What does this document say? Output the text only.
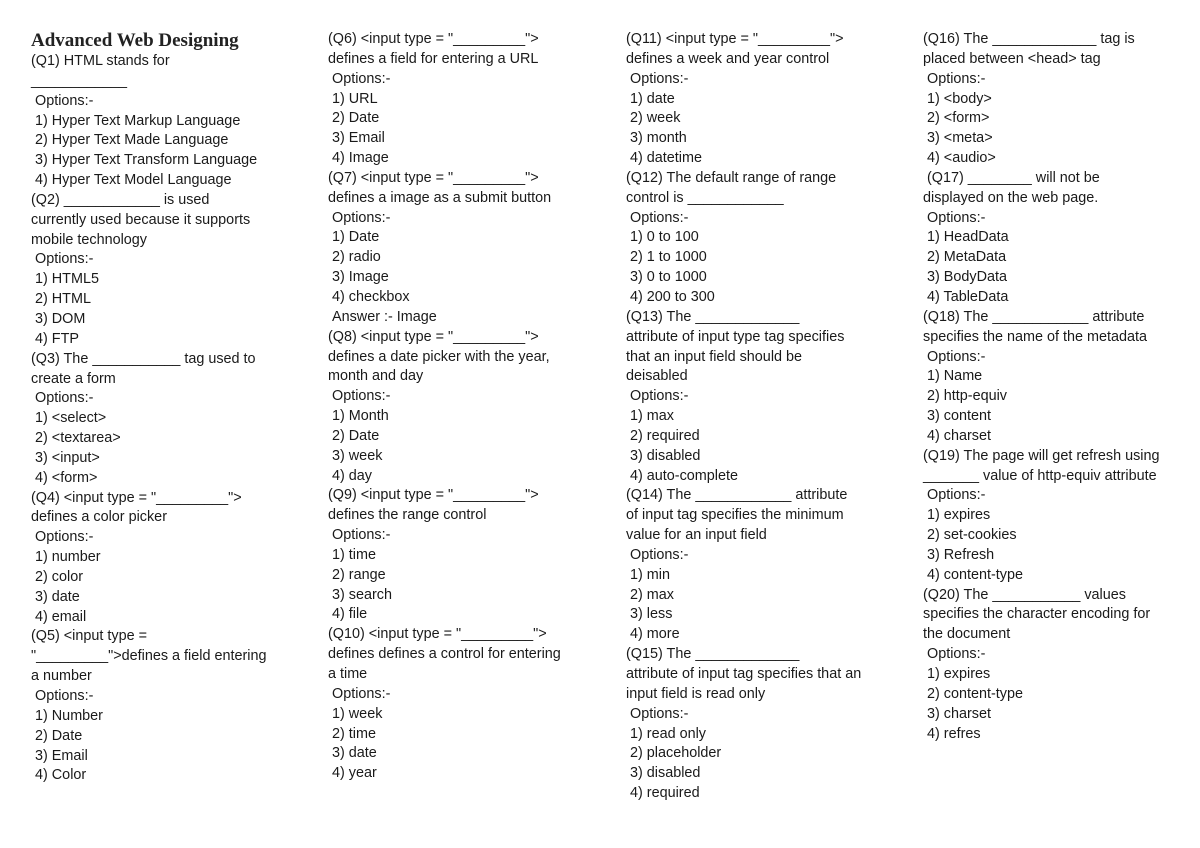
Advanced Web Designing
(Q1) HTML stands for
____________
Options:-
1) Hyper Text Markup Language
2) Hyper Text Made Language
3) Hyper Text Transform Language
4) Hyper Text Model Language
(Q2) ____________ is used
currently used because it supports
mobile technology
Options:-
1) HTML5
2) HTML
3) DOM
4) FTP
(Q3) The ___________ tag used to
create a form
Options:-
1) <select>
2) <textarea>
3) <input>
4) <form>
(Q4) <input type = "_________">
defines a color picker
Options:-
1) number
2) color
3) date
4) email
(Q5) <input type =
"_________">defines a field entering
a number
Options:-
1) Number
2) Date
3) Email
4) Color
(Q6) <input type = "_________">
defines a field for entering a URL
Options:-
1) URL
2) Date
3) Email
4) Image
(Q7) <input type = "_________">
defines a image as a submit button
Options:-
1) Date
2) radio
3) Image
4) checkbox
Answer :- Image
(Q8) <input type = "_________">
defines a date picker with the year,
month and day
Options:-
1) Month
2) Date
3) week
4) day
(Q9) <input type = "_________">
defines the range control
Options:-
1) time
2) range
3) search
4) file
(Q10) <input type = "_________">
defines defines a control for entering
a time
Options:-
1) week
2) time
3) date
4) year
(Q11) <input type = "_________">
defines a week and year control
Options:-
1) date
2) week
3) month
4) datetime
(Q12) The default range of range
control is ____________
Options:-
1) 0 to 100
2) 1 to 1000
3) 0 to 1000
4) 200 to 300
(Q13) The _____________
attribute of input type tag specifies
that an input field should be
deisabled
Options:-
1) max
2) required
3) disabled
4) auto-complete
(Q14) The ____________ attribute
of input tag specifies the minimum
value for an input field
Options:-
1) min
2) max
3) less
4) more
(Q15) The _____________
attribute of input tag specifies that an
input field is read only
Options:-
1) read only
2) placeholder
3) disabled
4) required
(Q16) The _____________ tag is
placed between <head> tag
Options:-
1) <body>
2) <form>
3) <meta>
4) <audio>
(Q17) ________ will not be
displayed on the web page.
Options:-
1) HeadData
2) MetaData
3) BodyData
4) TableData
(Q18) The ____________ attribute
specifies the name of the metadata
Options:-
1) Name
2) http-equiv
3) content
4) charset
(Q19) The page will get refresh using
_______ value of http-equiv attribute
Options:-
1) expires
2) set-cookies
3) Refresh
4) content-type
(Q20) The ___________ values
specifies the character encoding for
the document
Options:-
1) expires
2) content-type
3) charset
4) refres
